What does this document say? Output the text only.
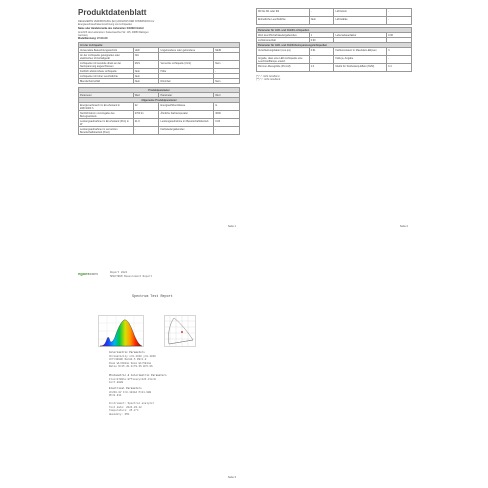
Produktdatenblatt
DELEGIERTE VERORDNUNG (EU) 2019/2015 DER KOMMISSION zur
Energieverbrauchskennzeichnung von Lichtquellen
Name oder Handelsmarke des Lieferanten: EGOEX GmbH
Anschrift des Lieferanten: Kaiserswerther Str. 115, 40880 Ratingen
Germany
Modellkennung: LT-XX-XX
Art der Lichtquelle:			
Verwendete Beleuchtungstechnik	LED	Ungebundene oder gebundene	NEIN
An der Lichtquelle gekoppeltes oder elektrisches Vorschaltgerät	N/A		
Lichtquelle mit Gewinde direkt an der Netzspannung angeschlossen	MLS	Vernetzte Lichtquelle (CLS)	Nein
Farblich abstimmbare Lichtquelle	Nein	Hülle	-
Lichtquelle mit hoher Leuchtdichte	Nein		
Blendschutzschild	Nein	Dimmbar	Nein
Produktparameter			
Parameter	Wert	Parameter	Wert
Allgemeine Produktparameter			
Energieverbrauch im Ein-Zustand in kWh/1000 h	22	Energieeffizienzklasse	G
Nutzlichtstrom und Angabe des Bezugswinkels	2700 lm	Ähnliche Farbtemperatur	3000
Leistungsaufnahme im Ein-Zustand (Pon) in W	21.9	Leistungsaufnahme im Bereitschaftsbetrieb	0.00
Leistungsaufnahme im vernetzten Bereitschaftsbetrieb (Pnet)	-	Farbwiedergabeindex	-
Seite 1
Φ0 bis Φ1 oder Φ2	-	Lichtstrom	-
Einheitliche Leuchtdichte	Nein	Lichtstärke	-
Parameter für LED- und OLED-Lichtquellen			
Wert des R9-Farbwiedergabeindex	1	Lebensdauerfaktor	0.90
Lichtstromerhalt	0.90		
Parameter für LED- und OLED-Netzspannungslichtquellen			
Verschiebungsfaktor (cos φ1)	0.91	Farbkonsistenz in MacAdam-Ellipsen	3
Angabe, dass eine LED-Lichtquelle eine Leuchtstofflampe ersetzt	-	Falls ja, Angabe	-
Flimmer-Messgröße (Pst LM)	1.0	Metrik für Stroboskop-Effekt (SVM)	0.4
(*) "-": nicht zutreffend
(**) "-": nicht zutreffend
Seite 2
egoexcom	Report 2024
SPECTRUM Measurement Report
Spectrum Test Report
Colorimetric Parameters
Chromaticity x=0.4340 y=0.4030
CCT=3000K Ra=80.5 R9=1.0
Peak WL=602nm Domi WL=584nm
Ratio R=15.4% G=79.6% B=5.0%
Photometric & Colorimetric Parameters
Flux=2700lm Efficacy=123.3lm/W
Fe=7.802W
Electrical Parameters
U=230.0V I=0.1044A P=21.90W
PF=0.911
Instrument: Spectral analyzer
Test date: 2024-03-12
Temperature: 25.0°C
Humidity: 65%
Seite 3
